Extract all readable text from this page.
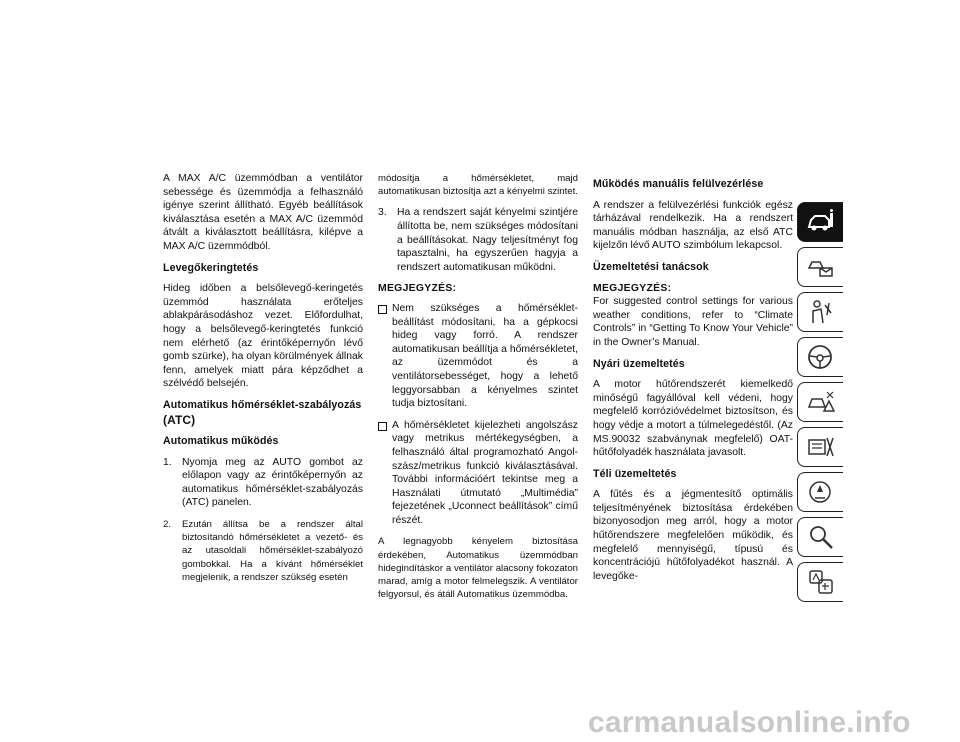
A MAX A/C üzemmódban a ventilátor sebessége és üzemmódja a felhasználó igénye szerint állítható. Egyéb beállítások kiválasztása esetén a MAX A/C üzemmód átvált a kiválasztott beállításra, kilépve a MAX A/C üzemmódból.

Levegőkeringtetés

Hideg időben a belsőlevegő-keringetés üzemmód használata erőteljes ablakpárásodáshoz vezet. Előfordulhat, hogy a belsőlevegő-keringtetés funkció nem elérhető (az érintőképernyőn lévő gomb szürke), ha olyan körülmények állnak fenn, amelyek miatt pára képződhet a szélvédő belsején.

Automatikus hőmérséklet-szabályozás
(ATC)
Automatikus működés
1. Nyomja meg az AUTO gombot az előlapon vagy az érintőképernyőn az automatikus hőmérséklet-szabályozás (ATC) panelen.
2.	Ezután állítsa be a rendszer által biztosítandó hőmérsékletet a vezető- és az utasoldali hőmérséklet-szabályozó gombokkal. Ha a kívánt hőmérséklet megjelenik, a rendszer szükség esetén

módosítja a hőmérsékletet, majd automatikusan biztosítja azt a kényelmi szintet.

3. Ha a rendszert saját kényelmi szintjére állította be, nem szükséges módosítani a beállításokat. Nagy teljesítményt fog tapasztalni, ha egyszerűen hagyja a rendszert automatikusan működni.
MEGJEGYZÉS:
Nem szükséges a hőmérséklet-beállítást módosítani, ha a gépkocsi hideg vagy forró. A rendszer automatikusan beállítja a hőmérsékletet, az üzemmódot és a ventilátorsebességet, hogy a lehető leggyorsabban a kényelmes szintet tudja biztosítani.
A hőmérsékletet kijelezheti angolszász vagy metrikus mértékegységben, a felhasználó által programozható Angol-szász/metrikus funkció kiválasztásával. További információért tekintse meg a Használati útmutató „Multimédia” fejezetének „Uconnect beállítások” című részét.

A legnagyobb kényelem biztosítása érdekében, Automatikus üzemmódban hidegindításkor a ventilátor alacsony fokozaton marad, amíg a motor felmelegszik. A ventilátor felgyorsul, és átáll Automatikus üzemmódba.

Működés manuális felülvezérlése

A rendszer a felülvezérlési funkciók egész tárházával rendelkezik. Ha a rendszert manuális módban használja, az első ATC kijelzőn lévő AUTO szimbólum lekapcsol.

Üzemeltetési tanácsok
MEGJEGYZÉS:

For suggested control settings for various weather conditions, refer to “Climate Controls” in “Getting To Know Your Vehicle” in the Owner’s Manual.

Nyári üzemeltetés

A motor hűtőrendszerét kiemelkedő minőségű fagyállóval kell védeni, hogy megfelelő korrózióvédelmet biztosítson, és hogy védje a motort a túlmelegedéstől. (Az MS.90032 szabványnak megfelelő) OAT-hűtőfolyadék használata javasolt.

Téli üzemeltetés

A fűtés és a jégmentesítő optimális teljesítményének biztosítása érdekében bizonyosodjon meg arról, hogy a motor hűtőrendszere megfelelően működik, és megfelelő mennyiségű, típusú és koncentrációjú hűtőfolyadékot használ. A levegőke-

carmanualsonline.info
